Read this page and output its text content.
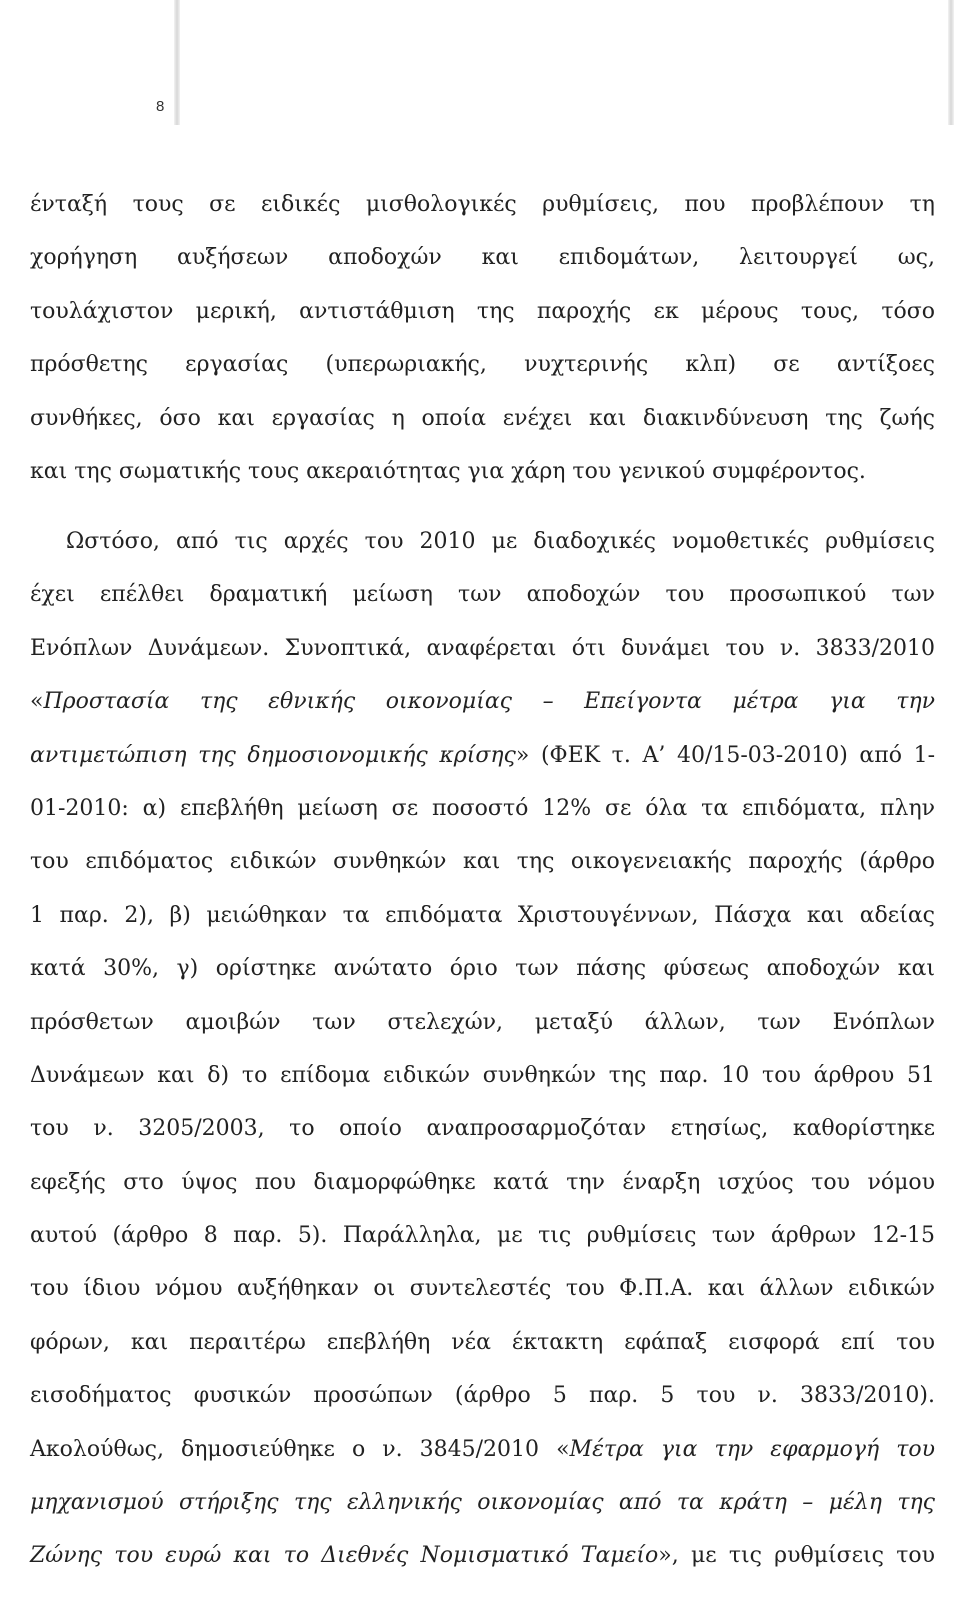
8
ένταξή τους σε ειδικές μισθολογικές ρυθμίσεις, που προβλέπουν τη
χορήγηση αυξήσεων αποδοχών και επιδομάτων, λειτουργεί ως,
τουλάχιστον μερική, αντιστάθμιση της παροχής εκ μέρους τους, τόσο
πρόσθετης εργασίας (υπερωριακής, νυχτερινής κλπ) σε αντίξοες
συνθήκες, όσο και εργασίας η οποία ενέχει και διακινδύνευση της ζωής
και της σωματικής τους ακεραιότητας για χάρη του γενικού συμφέροντος.
Ωστόσο, από τις αρχές του 2010 με διαδοχικές νομοθετικές ρυθμίσεις
έχει επέλθει δραματική μείωση των αποδοχών του προσωπικού των
Ενόπλων Δυνάμεων. Συνοπτικά, αναφέρεται ότι δυνάμει του ν. 3833/2010
«Προστασία της εθνικής οικονομίας – Επείγοντα μέτρα για την
αντιμετώπιση της δημοσιονομικής κρίσης» (ΦΕΚ τ. Α’ 40/15-03-2010) από 1-
01-2010: α) επεβλήθη μείωση σε ποσοστό 12% σε όλα τα επιδόματα, πλην
του επιδόματος ειδικών συνθηκών και της οικογενειακής παροχής (άρθρο
1 παρ. 2), β) μειώθηκαν τα επιδόματα Χριστουγέννων, Πάσχα και αδείας
κατά 30%, γ) ορίστηκε ανώτατο όριο των πάσης φύσεως αποδοχών και
πρόσθετων αμοιβών των στελεχών, μεταξύ άλλων, των Ενόπλων
Δυνάμεων και δ) το επίδομα ειδικών συνθηκών της παρ. 10 του άρθρου 51
του ν. 3205/2003, το οποίο αναπροσαρμοζόταν ετησίως, καθορίστηκε
εφεξής στο ύψος που διαμορφώθηκε κατά την έναρξη ισχύος του νόμου
αυτού (άρθρο 8 παρ. 5). Παράλληλα, με τις ρυθμίσεις των άρθρων 12-15
του ίδιου νόμου αυξήθηκαν οι συντελεστές του Φ.Π.Α. και άλλων ειδικών
φόρων, και περαιτέρω επεβλήθη νέα έκτακτη εφάπαξ εισφορά επί του
εισοδήματος φυσικών προσώπων (άρθρο 5 παρ. 5 του ν. 3833/2010).
Ακολούθως, δημοσιεύθηκε ο ν. 3845/2010 «Μέτρα για την εφαρμογή του
μηχανισμού στήριξης της ελληνικής οικονομίας από τα κράτη – μέλη της
Ζώνης του ευρώ και το Διεθνές Νομισματικό Ταμείο», με τις ρυθμίσεις του
